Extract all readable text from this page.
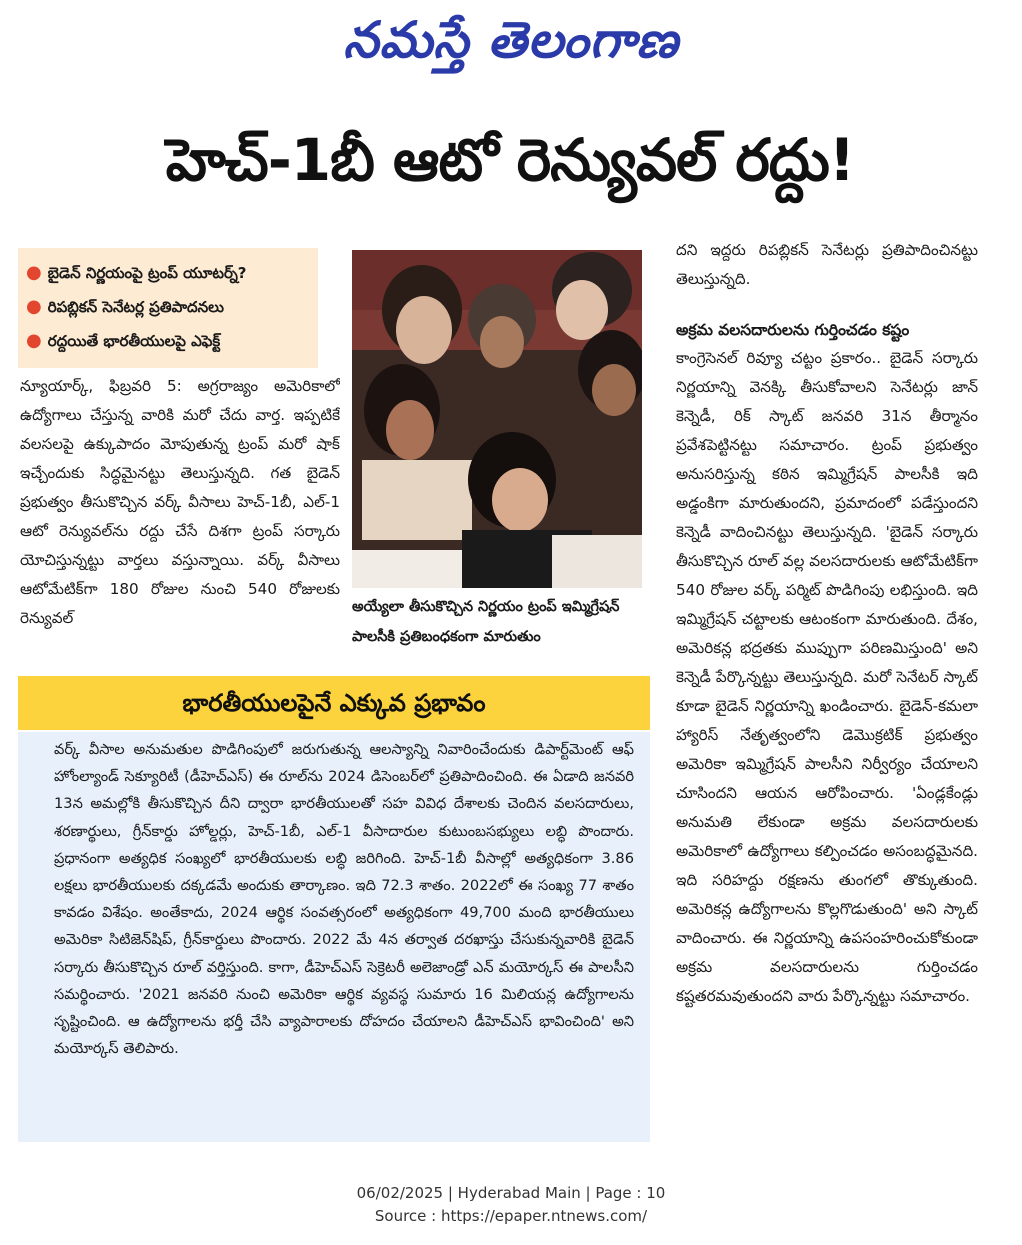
నమస్తే తెలంగాణ
హెచ్-1బీ ఆటో రెన్యువల్ రద్దు!
● బైడెన్ నిర్ణయంపై ట్రంప్ యూటర్న్?
● రిపబ్లికన్ సెనేటర్ల ప్రతిపాదనలు
● రద్దయితే భారతీయులపై ఎఫెక్ట్
న్యూయార్క్, ఫిబ్రవరి 5: అగ్రరాజ్యం అమెరికాలో ఉద్యోగాలు చేస్తున్న వారికి మరో చేదు వార్త. ఇప్పటికే వలసలపై ఉక్కుపాదం మోపుతున్న ట్రంప్ మరో షాక్ ఇచ్చేందుకు సిద్ధమైనట్టు తెలుస్తున్నది. గత బైడెన్ ప్రభుత్వం తీసుకొచ్చిన వర్క్ వీసాలు హెచ్-1బీ, ఎల్-1 ఆటో రెన్యువల్‌ను రద్దు చేసే దిశగా ట్రంప్ సర్కారు యోచిస్తున్నట్టు వార్తలు వస్తున్నాయి. వర్క్ వీసాలు ఆటోమేటిక్‌గా 180 రోజుల నుంచి 540 రోజులకు రెన్యువల్
అయ్యేలా తీసుకొచ్చిన నిర్ణయం ట్రంప్ ఇమ్మిగ్రేషన్ పాలసీకి ప్రతిబంధకంగా మారుతుం
దని ఇద్దరు రిపబ్లికన్ సెనేటర్లు ప్రతిపాదించినట్టు తెలుస్తున్నది.
అక్రమ వలసదారులను గుర్తించడం కష్టం
కాంగ్రెసెనల్ రివ్యూ చట్టం ప్రకారం.. బైడెన్ సర్కారు నిర్ణయాన్ని వెనక్కి తీసుకోవాలని సెనేటర్లు జాన్ కెన్నెడీ, రిక్ స్కాట్ జనవరి 31న తీర్మానం ప్రవేశపెట్టినట్టు సమాచారం. ట్రంప్ ప్రభుత్వం అనుసరిస్తున్న కఠిన ఇమ్మిగ్రేషన్ పాలసీకి ఇది అడ్డంకిగా మారుతుందని, ప్రమాదంలో పడేస్తుందని కెన్నెడీ వాదించినట్టు తెలుస్తున్నది. 'బైడెన్ సర్కారు తీసుకొచ్చిన రూల్ వల్ల వలసదారులకు ఆటోమేటిక్‌గా 540 రోజుల వర్క్ పర్మిట్ పొడిగింపు లభిస్తుంది. ఇది ఇమ్మిగ్రేషన్ చట్టాలకు ఆటంకంగా మారుతుంది. దేశం, అమెరికన్ల భద్రతకు ముప్పుగా పరిణమిస్తుంది' అని కెన్నెడీ పేర్కొన్నట్టు తెలుస్తున్నది. మరో సెనేటర్ స్కాట్ కూడా బైడెన్ నిర్ణయాన్ని ఖండించారు. బైడెన్-కమలా హ్యారిస్ నేతృత్వంలోని డెమొక్రటిక్ ప్రభుత్వం అమెరికా ఇమ్మిగ్రేషన్ పాలసీని నిర్వీర్యం చేయాలని చూసిందని ఆయన ఆరోపించారు. 'ఏండ్లకేండ్లు అనుమతి లేకుండా అక్రమ వలసదారులకు అమెరికాలో ఉద్యోగాలు కల్పించడం అసంబద్ధమైనది. ఇది సరిహద్దు రక్షణను తుంగలో తొక్కుతుంది. అమెరికన్ల ఉద్యోగాలను కొల్లగొడుతుంది' అని స్కాట్ వాదించారు. ఈ నిర్ణయాన్ని ఉపసంహరించుకోకుండా అక్రమ వలసదారులను గుర్తించడం కష్టతరమవుతుందని వారు పేర్కొన్నట్టు సమాచారం.
భారతీయులపైనే ఎక్కువ ప్రభావం
వర్క్ వీసాల అనుమతుల పొడిగింపులో జరుగుతున్న ఆలస్యాన్ని నివారించేందుకు డిపార్ట్‌మెంట్ ఆఫ్ హోంల్యాండ్ సెక్యూరిటీ (డీహెచ్‌ఎస్) ఈ రూల్‌ను 2024 డిసెంబర్‌లో ప్రతిపాదించింది. ఈ ఏడాది జనవరి 13న అమల్లోకి తీసుకొచ్చిన దీని ద్వారా భారతీయులతో సహ వివిధ దేశాలకు చెందిన వలసదారులు, శరణార్థులు, గ్రీన్‌కార్డు హోల్డర్లు, హెచ్-1బీ, ఎల్-1 వీసాదారుల కుటుంబసభ్యులు లబ్ధి పొందారు. ప్రధానంగా అత్యధిక సంఖ్యలో భారతీయులకు లబ్ధి జరిగింది. హెచ్-1బీ వీసాల్లో అత్యధికంగా 3.86 లక్షలు భారతీయులకు దక్కడమే అందుకు తార్కాణం. ఇది 72.3 శాతం. 2022లో ఈ సంఖ్య 77 శాతం కావడం విశేషం. అంతేకాదు, 2024 ఆర్థిక సంవత్సరంలో అత్యధికంగా 49,700 మంది భారతీయులు అమెరికా సిటిజెన్‌షిప్, గ్రీన్‌కార్డులు పొందారు. 2022 మే 4న తర్వాత దరఖాస్తు చేసుకున్నవారికి బైడెన్ సర్కారు తీసుకొచ్చిన రూల్ వర్తిస్తుంది. కాగా, డీహెచ్‌ఎస్ సెక్రెటరీ అలెజాండ్రో ఎన్ మయోర్కస్ ఈ పాలసీని సమర్థించారు. '2021 జనవరి నుంచి అమెరికా ఆర్థిక వ్యవస్థ సుమారు 16 మిలియన్ల ఉద్యోగాలను సృష్టించింది. ఆ ఉద్యోగాలను భర్తీ చేసి వ్యాపారాలకు దోహదం చేయాలని డీహెచ్‌ఎస్ భావించింది' అని మయోర్కస్ తెలిపారు.
06/02/2025 | Hyderabad Main | Page : 10
Source : https://epaper.ntnews.com/
